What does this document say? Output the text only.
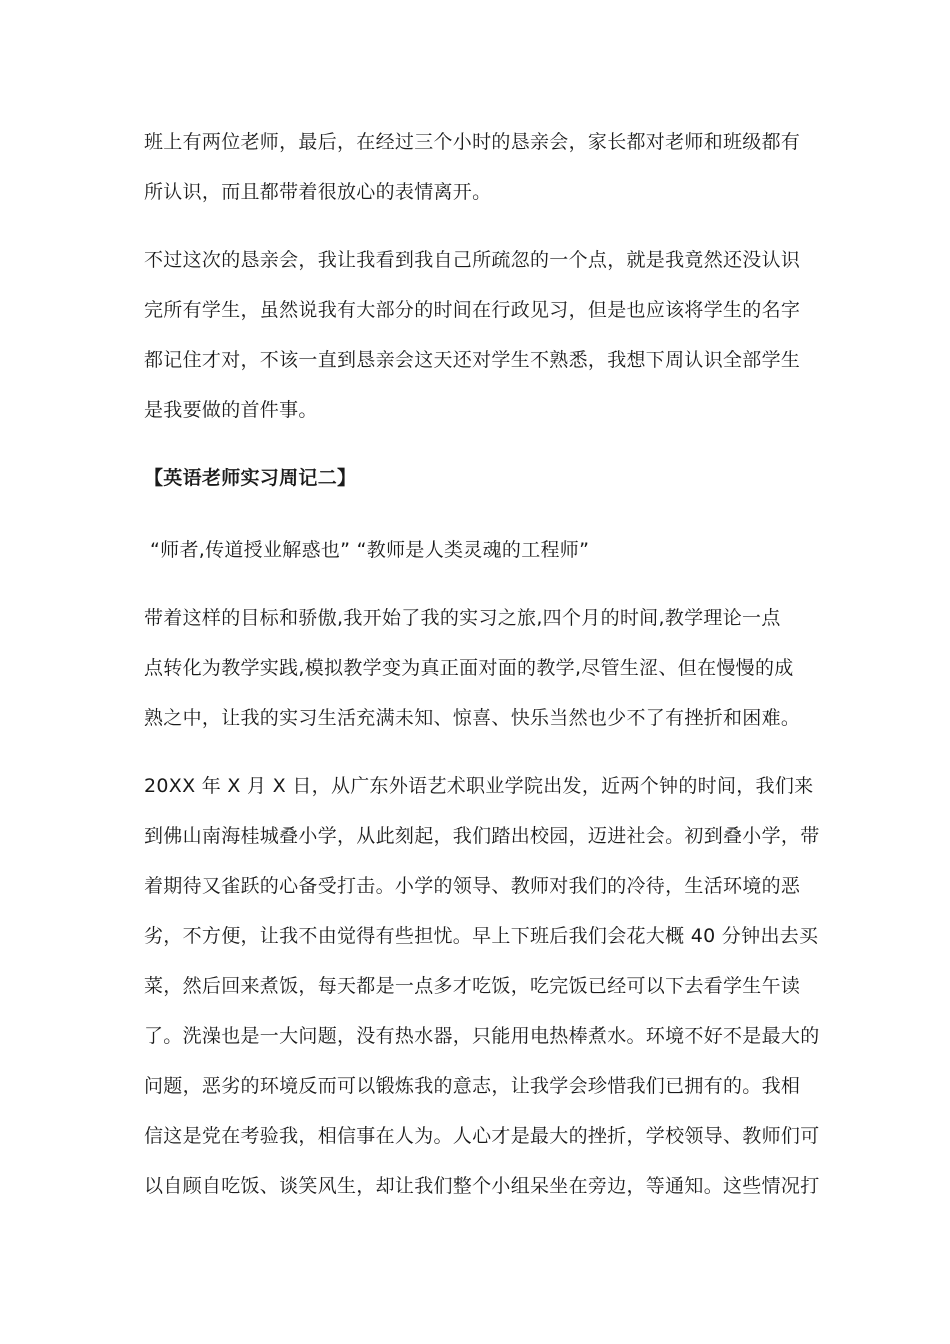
班上有两位老师，最后，在经过三个小时的恳亲会，家长都对老师和班级都有
所认识，而且都带着很放心的表情离开。
不过这次的恳亲会，我让我看到我自己所疏忽的一个点，就是我竟然还没认识
完所有学生，虽然说我有大部分的时间在行政见习，但是也应该将学生的名字
都记住才对，不该一直到恳亲会这天还对学生不熟悉，我想下周认识全部学生
是我要做的首件事。
【英语老师实习周记二】
“师者,传道授业解惑也” “教师是人类灵魂的工程师”
带着这样的目标和骄傲,我开始了我的实习之旅,四个月的时间,教学理论一点
点转化为教学实践,模拟教学变为真正面对面的教学,尽管生涩、但在慢慢的成
熟之中，让我的实习生活充满未知、惊喜、快乐当然也少不了有挫折和困难。
20XX 年 X 月 X 日，从广东外语艺术职业学院出发，近两个钟的时间，我们来
到佛山南海桂城叠小学，从此刻起，我们踏出校园，迈进社会。初到叠小学，带
着期待又雀跃的心备受打击。小学的领导、教师对我们的冷待，生活环境的恶
劣，不方便，让我不由觉得有些担忧。早上下班后我们会花大概 40 分钟出去买
菜，然后回来煮饭，每天都是一点多才吃饭，吃完饭已经可以下去看学生午读
了。洗澡也是一大问题，没有热水器，只能用电热棒煮水。环境不好不是最大的
问题，恶劣的环境反而可以锻炼我的意志，让我学会珍惜我们已拥有的。我相
信这是党在考验我，相信事在人为。人心才是最大的挫折，学校领导、教师们可
以自顾自吃饭、谈笑风生，却让我们整个小组呆坐在旁边，等通知。这些情况打
